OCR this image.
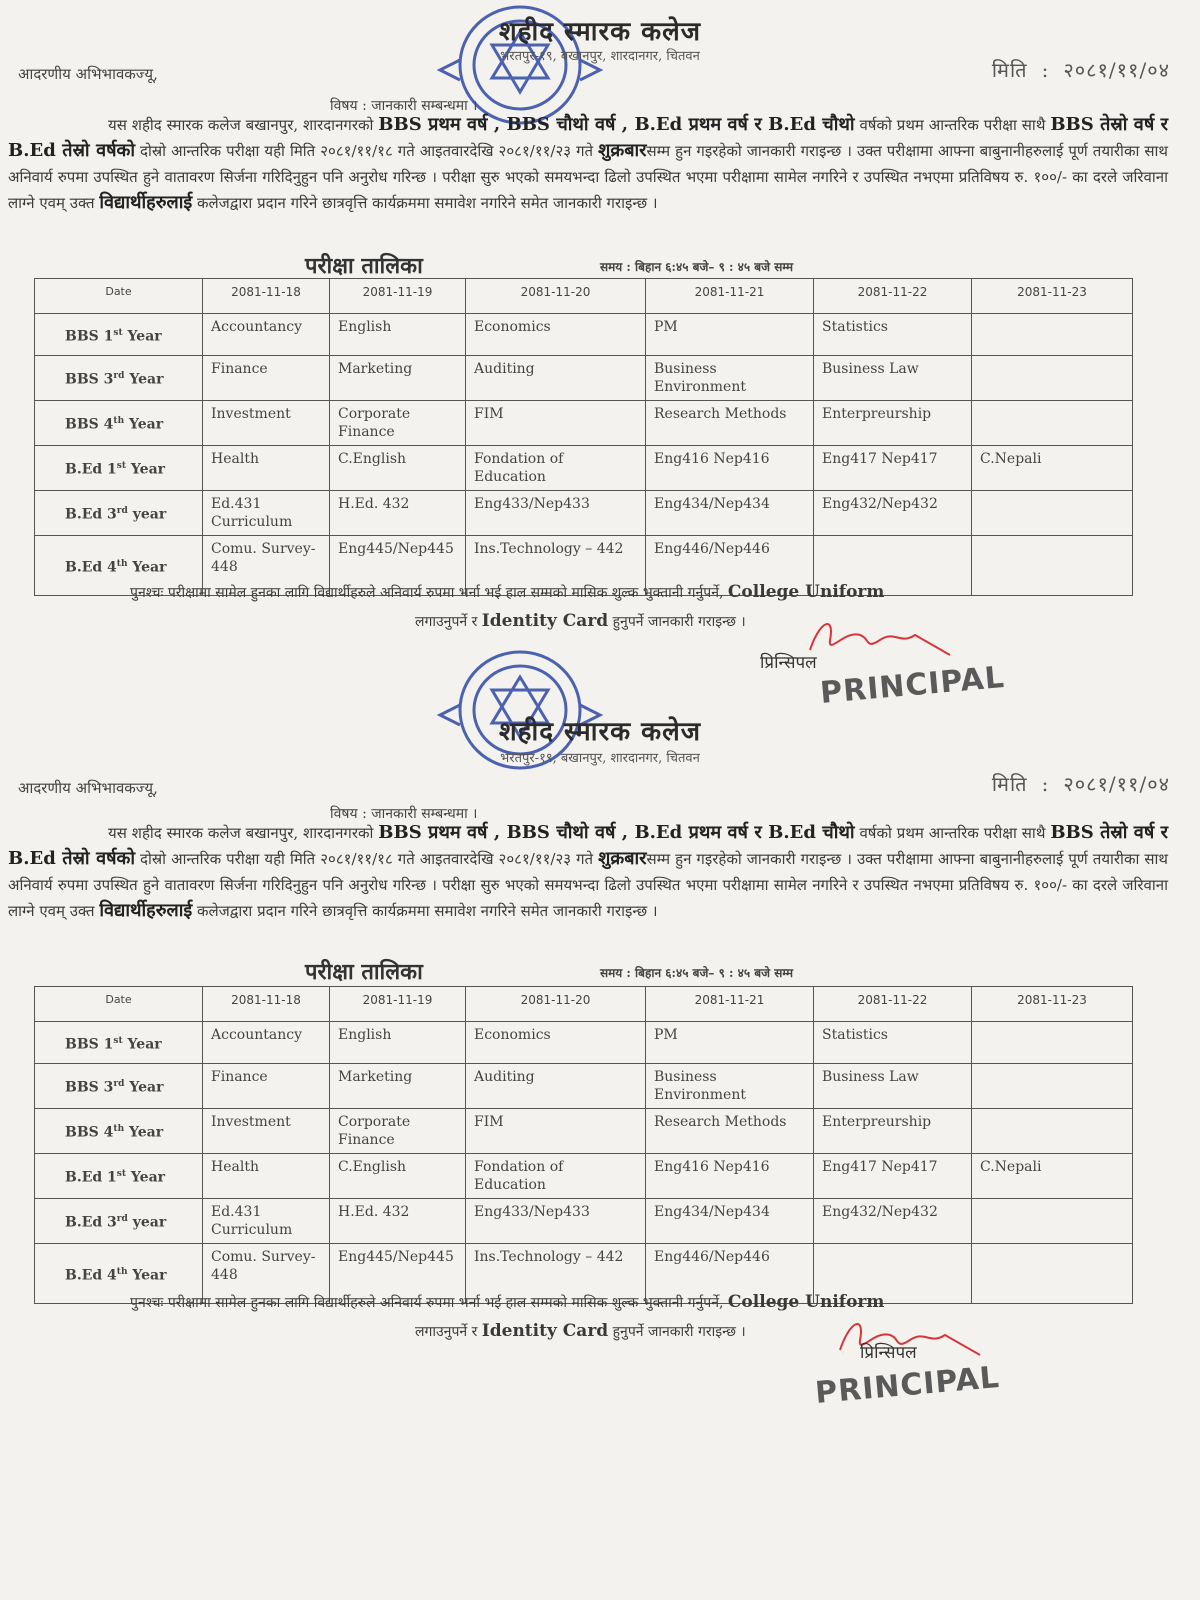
शहीद स्मारक कलेज
भरतपुर-१९, बखानपुर, शारदानगर, चितवन
आदरणीय अभिभावकज्यू,	मिति : २०८१/११/०४
विषय : जानकारी सम्बन्धमा ।
यस शहीद स्मारक कलेज बखानपुर, शारदानगरको BBS प्रथम वर्ष , BBS चौथो वर्ष , B.Ed प्रथम वर्ष र B.Ed चौथो वर्षको प्रथम आन्तरिक परीक्षा साथै BBS तेस्रो वर्ष र B.Ed तेस्रो वर्षको दोस्रो आन्तरिक परीक्षा यही मिति २०८१/११/१८ गते आइतवारदेखि २०८१/११/२३ गते शुक्रबारसम्म हुन गइरहेको जानकारी गराइन्छ । उक्त परीक्षामा आफ्ना बाबुनानीहरुलाई पूर्ण तयारीका साथ अनिवार्य रुपमा उपस्थित हुने वातावरण सिर्जना गरिदिनुहुन पनि अनुरोध गरिन्छ । परीक्षा सुरु भएको समयभन्दा ढिलो उपस्थित भएमा परीक्षामा सामेल नगरिने र उपस्थित नभएमा प्रतिविषय रु. १००/- का दरले जरिवाना लाग्ने एवम् उक्त विद्यार्थीहरुलाई कलेजद्वारा प्रदान गरिने छात्रवृत्ति कार्यक्रममा समावेश नगरिने समेत जानकारी गराइन्छ ।
परीक्षा तालिका	समय : बिहान ६:४५ बजे– ९ : ४५ बजे सम्म
Date	2081-11-18	2081-11-19	2081-11-20	2081-11-21	2081-11-22	2081-11-23
BBS 1st Year	Accountancy	English	Economics	PM	Statistics	
BBS 3rd Year	Finance	Marketing	Auditing	Business Environment	Business Law	
BBS 4th Year	Investment	Corporate Finance	FIM	Research Methods	Enterpreurship	
B.Ed 1st Year	Health	C.English	Fondation of Education	Eng416 Nep416	Eng417 Nep417	C.Nepali
B.Ed 3rd year	Ed.431 Curriculum	H.Ed. 432	Eng433/Nep433	Eng434/Nep434	Eng432/Nep432	
B.Ed 4th Year	Comu. Survey-448	Eng445/Nep445	Ins.Technology – 442	Eng446/Nep446		
पुनश्चः परीक्षामा सामेल हुनका लागि विद्यार्थीहरुले अनिवार्य रुपमा भर्ना भई हाल सम्मको मासिक शुल्क भुक्तानी गर्नुपर्ने, College Uniform
लगाउनुपर्ने र Identity Card हुनुपर्ने जानकारी गराइन्छ ।
प्रिन्सिपल PRINCIPAL
शहीद स्मारक कलेज
भरतपुर-१९, बखानपुर, शारदानगर, चितवन
आदरणीय अभिभावकज्यू,	मिति : २०८१/११/०४
विषय : जानकारी सम्बन्धमा ।
यस शहीद स्मारक कलेज बखानपुर, शारदानगरको BBS प्रथम वर्ष , BBS चौथो वर्ष , B.Ed प्रथम वर्ष र B.Ed चौथो वर्षको प्रथम आन्तरिक परीक्षा साथै BBS तेस्रो वर्ष र B.Ed तेस्रो वर्षको दोस्रो आन्तरिक परीक्षा यही मिति २०८१/११/१८ गते आइतवारदेखि २०८१/११/२३ गते शुक्रबारसम्म हुन गइरहेको जानकारी गराइन्छ । उक्त परीक्षामा आफ्ना बाबुनानीहरुलाई पूर्ण तयारीका साथ अनिवार्य रुपमा उपस्थित हुने वातावरण सिर्जना गरिदिनुहुन पनि अनुरोध गरिन्छ । परीक्षा सुरु भएको समयभन्दा ढिलो उपस्थित भएमा परीक्षामा सामेल नगरिने र उपस्थित नभएमा प्रतिविषय रु. १००/- का दरले जरिवाना लाग्ने एवम् उक्त विद्यार्थीहरुलाई कलेजद्वारा प्रदान गरिने छात्रवृत्ति कार्यक्रममा समावेश नगरिने समेत जानकारी गराइन्छ ।
परीक्षा तालिका	समय : बिहान ६:४५ बजे– ९ : ४५ बजे सम्म
Date	2081-11-18	2081-11-19	2081-11-20	2081-11-21	2081-11-22	2081-11-23
BBS 1st Year	Accountancy	English	Economics	PM	Statistics	
BBS 3rd Year	Finance	Marketing	Auditing	Business Environment	Business Law	
BBS 4th Year	Investment	Corporate Finance	FIM	Research Methods	Enterpreurship	
B.Ed 1st Year	Health	C.English	Fondation of Education	Eng416 Nep416	Eng417 Nep417	C.Nepali
B.Ed 3rd year	Ed.431 Curriculum	H.Ed. 432	Eng433/Nep433	Eng434/Nep434	Eng432/Nep432	
B.Ed 4th Year	Comu. Survey-448	Eng445/Nep445	Ins.Technology – 442	Eng446/Nep446		
पुनश्चः परीक्षामा सामेल हुनका लागि विद्यार्थीहरुले अनिवार्य रुपमा भर्ना भई हाल सम्मको मासिक शुल्क भुक्तानी गर्नुपर्ने, College Uniform
लगाउनुपर्ने र Identity Card हुनुपर्ने जानकारी गराइन्छ ।
प्रिन्सिपल
PRINCIPAL
